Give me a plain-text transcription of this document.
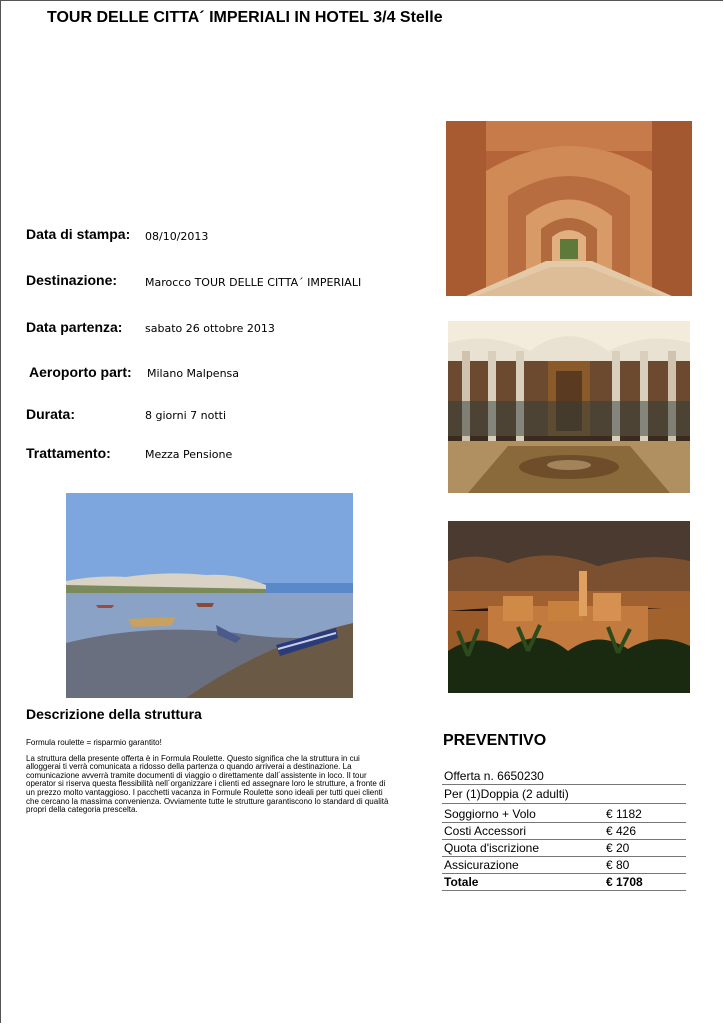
TOUR DELLE CITTA´ IMPERIALI IN HOTEL 3/4 Stelle
Data di stampa: 08/10/2013
Destinazione:	Marocco TOUR DELLE CITTA´ IMPERIALI
Data partenza: sabato 26 ottobre 2013
Aeroporto part: Milano Malpensa
Durata:	8 giorni 7 notti
Trattamento:	Mezza Pensione
Descrizione della struttura

Formula roulette = risparmio garantito!

La struttura della presente offerta è in Formula Roulette. Questo significa che la struttura in cui alloggerai ti verrà comunicata a ridosso della partenza o quando arriverai a destinazione. La comunicazione avverrà tramite documenti di viaggio o direttamente dall´assistente in loco. Il tour operator si riserva questa flessibilità nell´organizzare i clienti ed assegnare loro le strutture, a fronte di un prezzo molto vantaggioso. I pacchetti vacanza in Formule Roulette sono ideali per tutti quei clienti che cercano la massima convenienza. Ovviamente tutte le strutture garantiscono lo standard di qualità propri della categoria prescelta.

PREVENTIVO
Offerta n. 6650230
Per (1)Doppia (2 adulti)
Soggiorno + Volo	€ 1182
Costi Accessori	€ 426
Quota d'iscrizione	€ 20
Assicurazione	€ 80
Totale	€ 1708
